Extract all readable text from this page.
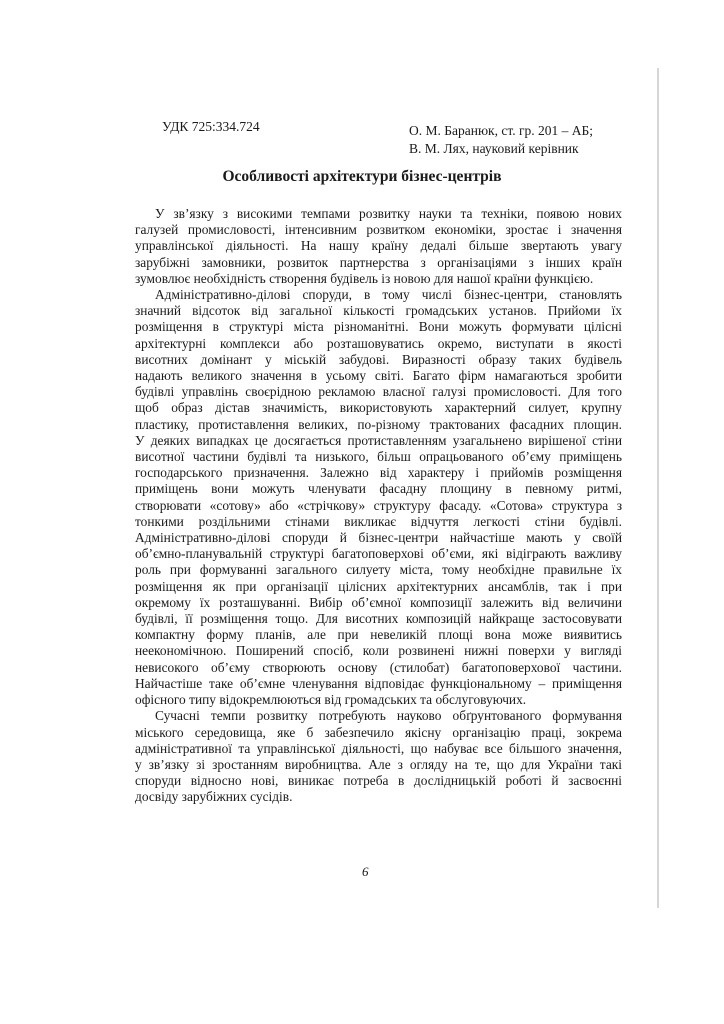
УДК 725:334.724	О. М. Баранюк, ст. гр. 201 – АБ;
В. М. Лях, науковий керівник
Особливості архітектури бізнес-центрів
У зв’язку з високими темпами розвитку науки та техніки, появою нових
галузей промисловості, інтенсивним розвитком економіки, зростає і значення
управлінської діяльності. На нашу країну дедалі більше звертають увагу
зарубіжні замовники, розвиток партнерства з організаціями з інших країн
зумовлює необхідність створення будівель із новою для нашої країни функцією.
Адміністративно-ділові споруди, в тому числі бізнес-центри, становлять
значний відсоток від загальної кількості громадських установ. Прийоми їх
розміщення в структурі міста різноманітні. Вони можуть формувати цілісні
архітектурні комплекси або розташовуватись окремо, виступати в якості
висотних домінант у міській забудові. Виразності образу таких будівель
надають великого значення в усьому світі. Багато фірм намагаються зробити
будівлі управлінь своєрідною рекламою власної галузі промисловості. Для того
щоб образ дістав значимість, використовують характерний силует, крупну
пластику, протиставлення великих, по-різному трактованих фасадних площин.
У деяких випадках це досягається протиставленням узагальнено вирішеної стіни
висотної частини будівлі та низького, більш опрацьованого об’єму приміщень
господарського призначення. Залежно від характеру і прийомів розміщення
приміщень вони можуть членувати фасадну площину в певному ритмі,
створювати «сотову» або «стрічкову» структуру фасаду. «Сотова» структура з
тонкими роздільними стінами викликає відчуття легкості стіни будівлі.
Адміністративно-ділові споруди й бізнес-центри найчастіше мають у своїй
об’ємно-планувальній структурі багатоповерхові об’єми, які відіграють важливу
роль при формуванні загального силуету міста, тому необхідне правильне їх
розміщення як при організації цілісних архітектурних ансамблів, так і при
окремому їх розташуванні. Вибір об’ємної композиції залежить від величини
будівлі, її розміщення тощо. Для висотних композицій найкраще застосовувати
компактну форму планів, але при невеликій площі вона може виявитись
неекономічною. Поширений спосіб, коли розвинені нижні поверхи у вигляді
невисокого об’єму створюють основу (стилобат) багатоповерхової частини.
Найчастіше таке об’ємне членування відповідає функціональному – приміщення
офісного типу відокремлюються від громадських та обслуговуючих.
Сучасні темпи розвитку потребують науково обґрунтованого формування
міського середовища, яке б забезпечило якісну організацію праці, зокрема
адміністративної та управлінської діяльності, що набуває все більшого значення,
у зв’язку зі зростанням виробництва. Але з огляду на те, що для України такі
споруди відносно нові, виникає потреба в дослідницькій роботі й засвоєнні
досвіду зарубіжних сусідів.
6
